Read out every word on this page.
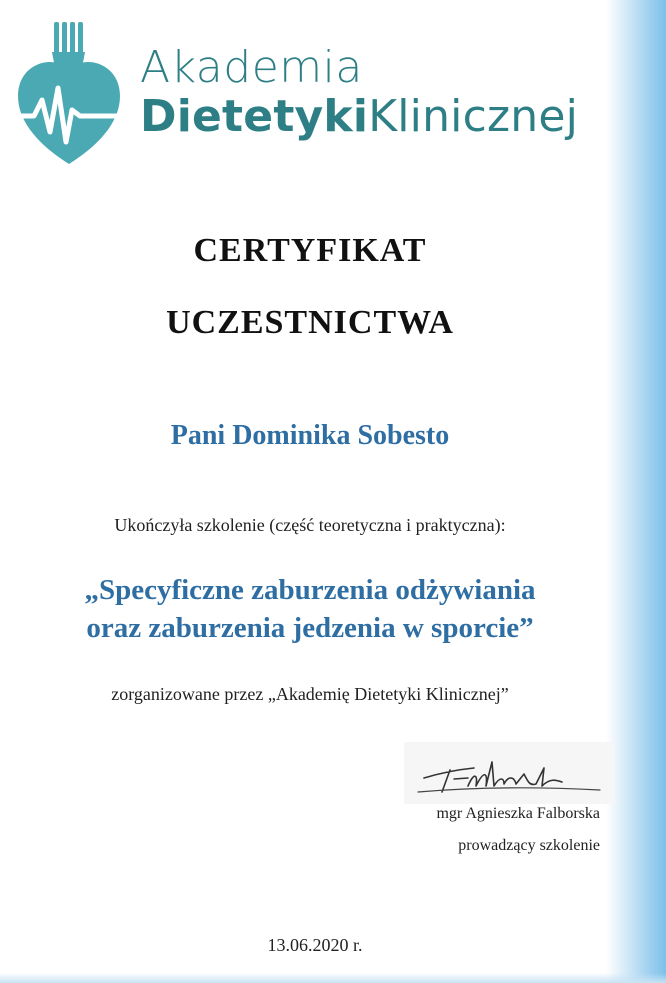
Akademia
DietetykiKlinicznej
CERTYFIKAT
UCZESTNICTWA
Pani Dominika Sobesto
Ukończyła szkolenie (część teoretyczna i praktyczna):
„Specyficzne zaburzenia odżywiania
oraz zaburzenia jedzenia w sporcie”
zorganizowane przez „Akademię Dietetyki Klinicznej”
mgr Agnieszka Falborska
prowadzący szkolenie
13.06.2020 r.
